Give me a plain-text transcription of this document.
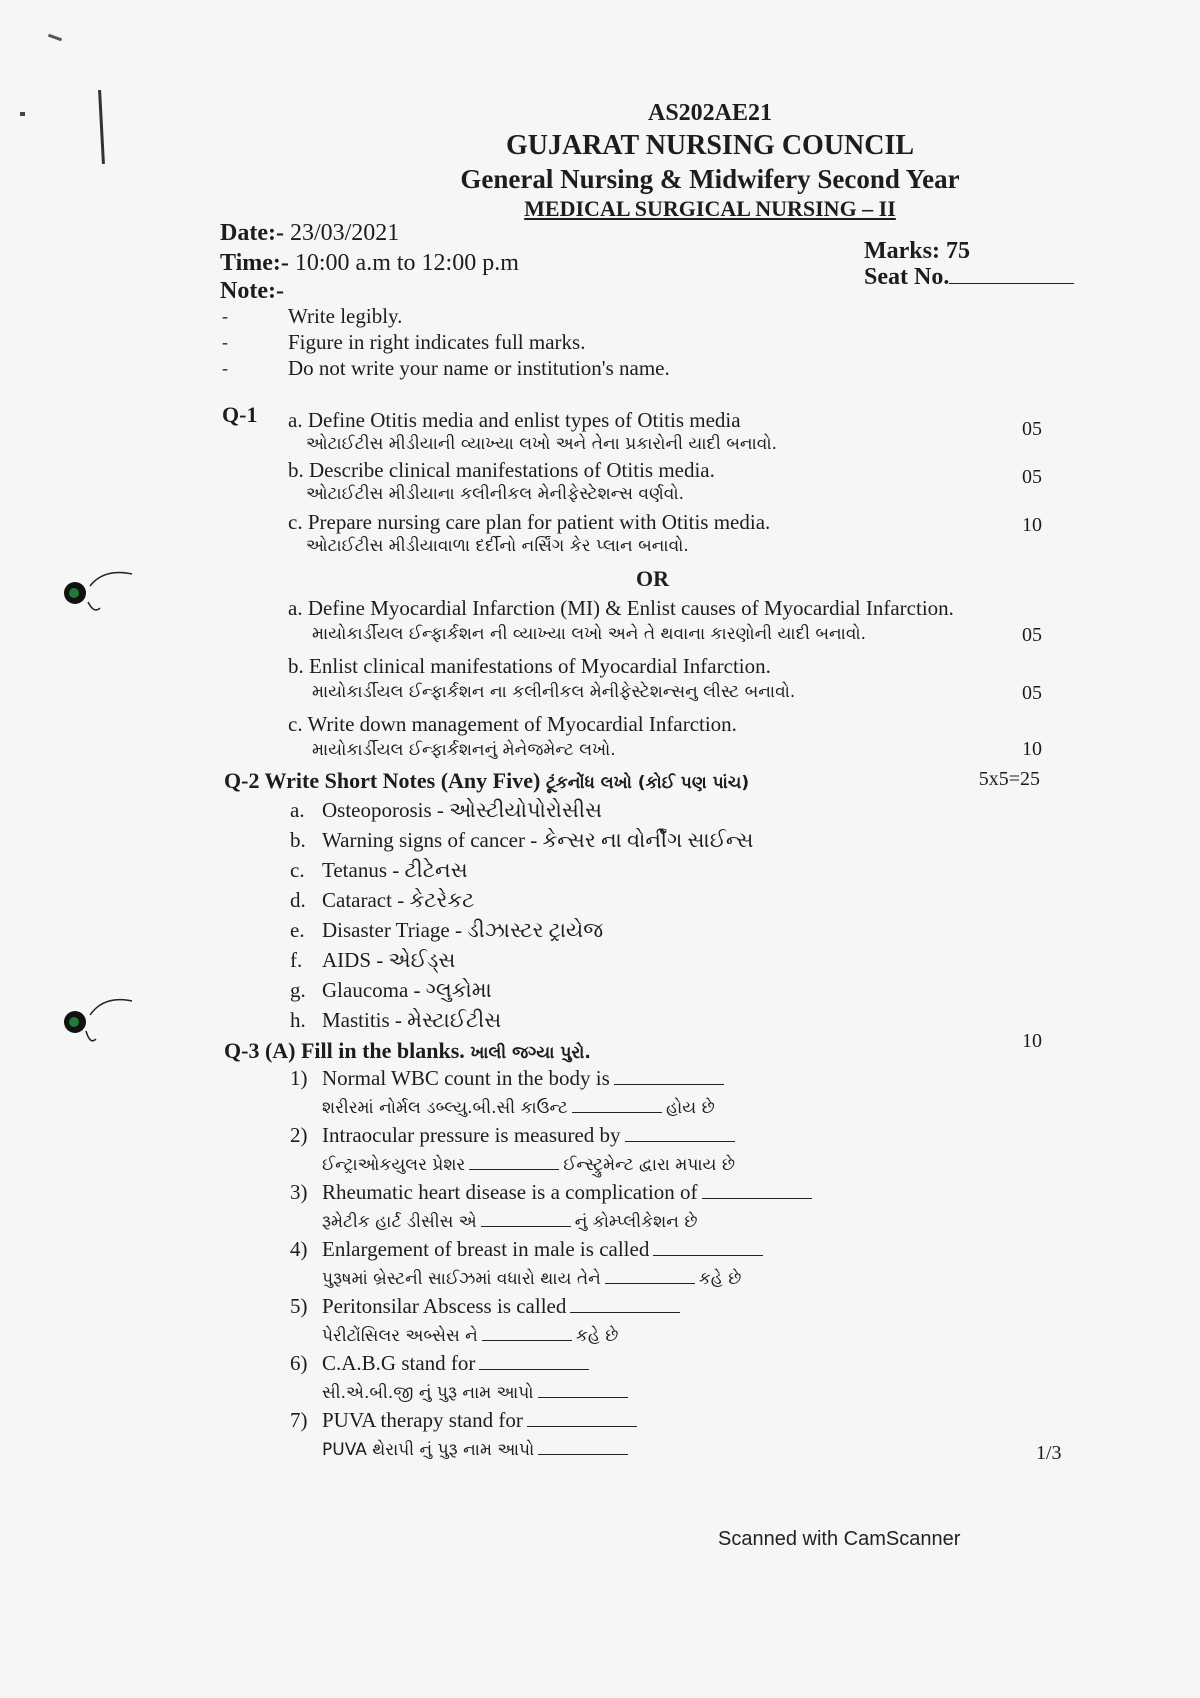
AS202AE21
GUJARAT NURSING COUNCIL
General Nursing & Midwifery Second Year
MEDICAL SURGICAL NURSING – II
Date:- 23/03/2021
Time:- 10:00 a.m to 12:00 p.m
Note:-
Marks: 75
Seat No.
-	Write legibly.
-	Figure in right indicates full marks.
-	Do not write your name or institution's name.
Q-1 a. Define Otitis media and enlist types of Otitis media
ઓટાઈટીસ મીડીયાની વ્યાખ્યા લખો અને તેના પ્રકારોની યાદી બનાવો.
05
b. Describe clinical manifestations of Otitis media.
ઓટાઈટીસ મીડીયાના કલીનીકલ મેનીફેસ્ટેશન્સ વર્ણવો.
05
c. Prepare nursing care plan for patient with Otitis media.
ઓટાઈટીસ મીડીયાવાળા દર્દીનો નર્સિંગ કેર પ્લાન બનાવો.
10
OR
a. Define Myocardial Infarction (MI) & Enlist causes of Myocardial Infarction.
માયોકાર્ડીયલ ઈન્ફાર્કશન ની વ્યાખ્યા લખો અને તે થવાના કારણોની યાદી બનાવો.	05
b. Enlist clinical manifestations of Myocardial Infarction.
માયોકાર્ડીયલ ઈન્ફાર્કશન ના કલીનીકલ મેનીફેસ્ટેશન્સનુ લીસ્ટ બનાવો.	05
c. Write down management of Myocardial Infarction.
માયોકાર્ડીયલ ઈન્ફાર્કશનનું મેનેજમેન્ટ લખો.	10
Q-2 Write Short Notes (Any Five) ટૂંકનોંધ લખો (કોઈ પણ પાંચ)	5x5=25
a. Osteoporosis - ઓસ્ટીયોપોરોસીસ
b. Warning signs of cancer - કેન્સર ના વોર્નીંગ સાઈન્સ
c. Tetanus - ટીટેનસ
d. Cataract - કેટરેકટ
e. Disaster Triage - ડીઝાસ્ટર ટ્રાયેજ
f. AIDS - એઈડ્સ
g. Glaucoma - ગ્લુકોમા
h. Mastitis - મેસ્ટાઈટીસ
Q-3 (A) Fill in the blanks. ખાલી જગ્યા પુરો.
10
1) Normal WBC count in the body is
શરીરમાં નોર્મલ ડબ્લ્યુ.બી.સી કાઉન્ટ	હોય છે
2) Intraocular pressure is measured by
ઈન્ટ્રાઓકયુલર પ્રેશર	ઈન્સ્ટ્રુમેન્ટ દ્વારા મપાય છે
3) Rheumatic heart disease is a complication of
રૂમેટીક હાર્ટ ડીસીસ એ	નું કોમ્પ્લીકેશન છે
4) Enlargement of breast in male is called
પુરૂષમાં બ્રેસ્ટની સાઈઝમાં વધારો થાય તેને	કહે છે
5) Peritonsilar Abscess is called
પેરીટોંસિલર અબ્સેસ ને	કહે છે
6) C.A.B.G stand for
સી.એ.બી.જી નું પુરૂ નામ આપો
7) PUVA therapy stand for
PUVA થેરાપી નું પુરૂ નામ આપો	1/3
Scanned with CamScanner
